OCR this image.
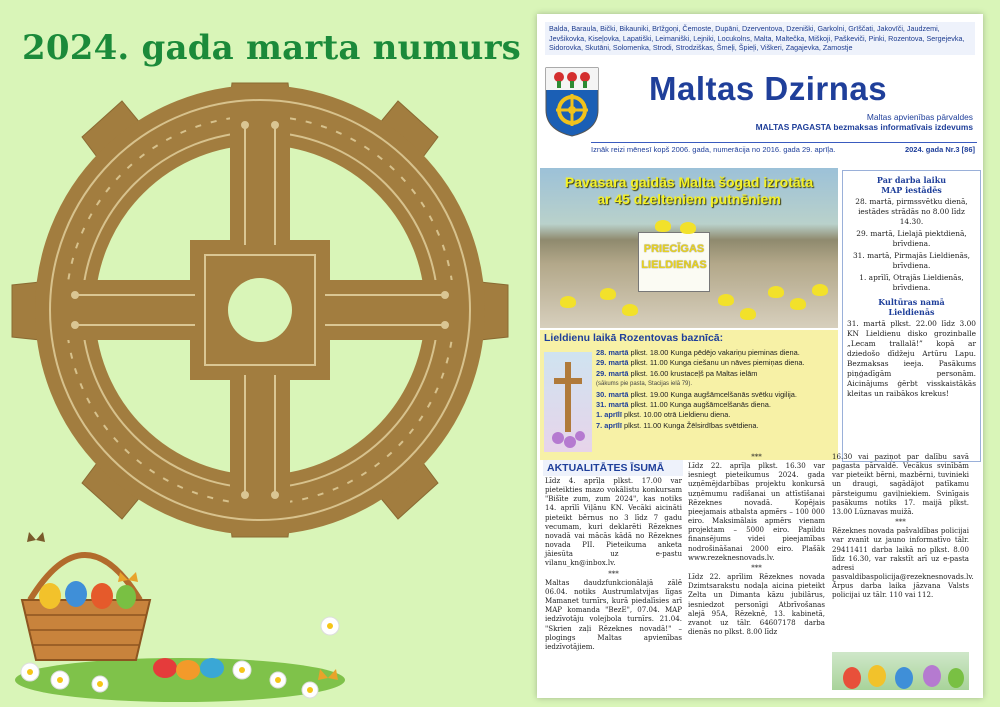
2024. gada marta numurs	Balda, Baraula, Bički, Bikauniki, Brīžgoņi, Čemoste, Dupāni, Dzerventova, Dzeniški, Garkolni, Grīščati, Jakovīči, Jaudzemi, Jevšikovka, Kiseļovka, Lapatiški, Leimaniški, Lejniki, Locukolns, Malta, Maltečka, Miškoji, Paškeviči, Pinki, Rozentova, Sergejevka, Sidorovka, Skutāni, Solomenka, Strodi, Strodziškas, Šmeļi, Špieļi, Viškeri, Zagajevka, Zamostje
Maltas Dzirnas
Maltas apvienības pārvaldes
MALTAS PAGASTA bezmaksas informatīvais izdevums
Iznāk reizi mēnesī kopš 2006. gada, numerācija no 2016. gada 29. aprīļa.	2024. gada Nr.3 [86]
Pavasara gaidās Malta šogad izrotāta
ar 45 dzelteniem putnēniem
PRIECĪGAS
LIELDIENAS
Lieldienu laikā Rozentovas baznīcā:
28. martā plkst. 18.00 Kunga pēdējo vakariņu pieminas diena.
29. martā plkst. 11.00 Kunga ciešanu un nāves piemiņas diena.
29. martā plkst. 16.00 krustaceļš pa Maltas ielām
(sākums pie pasta, Stacijas ielā 79).
30. martā plkst. 19.00 Kunga augšāmcelšanās svētku vigilija.
31. martā plkst. 11.00 Kunga augšāmcelšanās diena.
1. aprīlī plkst. 10.00 otrā Lieldienu diena.
7. aprīlī plkst. 11.00 Kunga Žēlsirdības svētdiena.
Par darba laiku
MAP iestādēs

28. martā, pirmssvētku dienā, iestādes strādās no 8.00 līdz 14.30.

29. martā, Lielajā piektdienā, brīvdiena.

31. martā, Pirmajās Lieldienās, brīvdiena.

1. aprīlī, Otrajās Lieldienās, brīvdiena.

Kultūras namā
Lieldienās

31. martā plkst. 22.00 līdz 3.00 KN Lieldienu disko grozinballe „Lecam trallalā!” kopā ar dziedošo dīdžeju Artūru Lapu. Bezmaksas ieeja. Pasākums piņģadīgām personām. Aicinājums ģērbt visskaistākās kleitas un raibākos krekus!

AKTUALITĀTES ĪSUMĀ

Līdz 4. aprīļa plkst. 17.00 var pieteikties mazo vokālistu konkursam "Bišīte zum, zum 2024", kas notiks 14. aprīlī Viļānu KN. Vecāki aicināti pieteikt bērnus no 3 līdz 7 gadu vecumam, kuri deklarēti Rēzeknes novadā vai mācās kādā no Rēzeknes novada PII. Pieteikuma anketa jāiesūta uz e-pastu vilanu_kn@inbox.lv.

***

Maltas daudzfunkcionālajā zālē 06.04. notiks Austrumlatvijas līgas Mamanet turnīrs, kurā piedalīsies arī MAP komanda "BezE", 07.04. MAP iedzīvotāju volejbola turnīrs. 21.04. "Skrien zaļi Rēzeknes novadā!" – plogings Maltas apvienības iedzīvotājiem.

***

Līdz 22. aprīļa plkst. 16.30 var iesniegt pieteikumus 2024. gada uzņēmējdarbības projektu konkursā uzņēmumu radīšanai un attīstīšanai Rēzeknes novadā. Kopējais pieejamais atbalsta apmērs – 100 000 eiro. Maksimālais apmērs vienam projektam – 5000 eiro. Papildu finansējums videi pieejamības nodrošināšanai 2000 eiro. Plašāk www.rezeknesnovads.lv.

***

Līdz 22. aprīlim Rēzeknes novada Dzimtsarakstu nodaļa aicina pieteikt Zelta un Dimanta kāzu jubilārus, iesniedzot personīgi Atbrīvošanas alejā 95A, Rēzeknē, 13. kabinetā, zvanot uz tālr. 64607178 darba dienās no plkst. 8.00 līdz

16.30 vai paziņot par dalību savā pagasta pārvaldē. Vecākus svinībām var pieteikt bērni, mazbērni, tuvinieki un draugi, sagādājot patīkamu pārsteigumu gaviļniekiem. Svinīgais pasākums notiks 17. maijā plkst. 13.00 Lūznavas muižā.

***

Rēzeknes novada pašvaldības policijai var zvanīt uz jauno informatīvo tālr. 29411411 darba laikā no plkst. 8.00 līdz 16.30, var rakstīt arī uz e-pasta adresi pasvaldibaspolicija@rezeknesnovads.lv. Ārpus darba laika jāzvana Valsts policijai uz tālr. 110 vai 112.
